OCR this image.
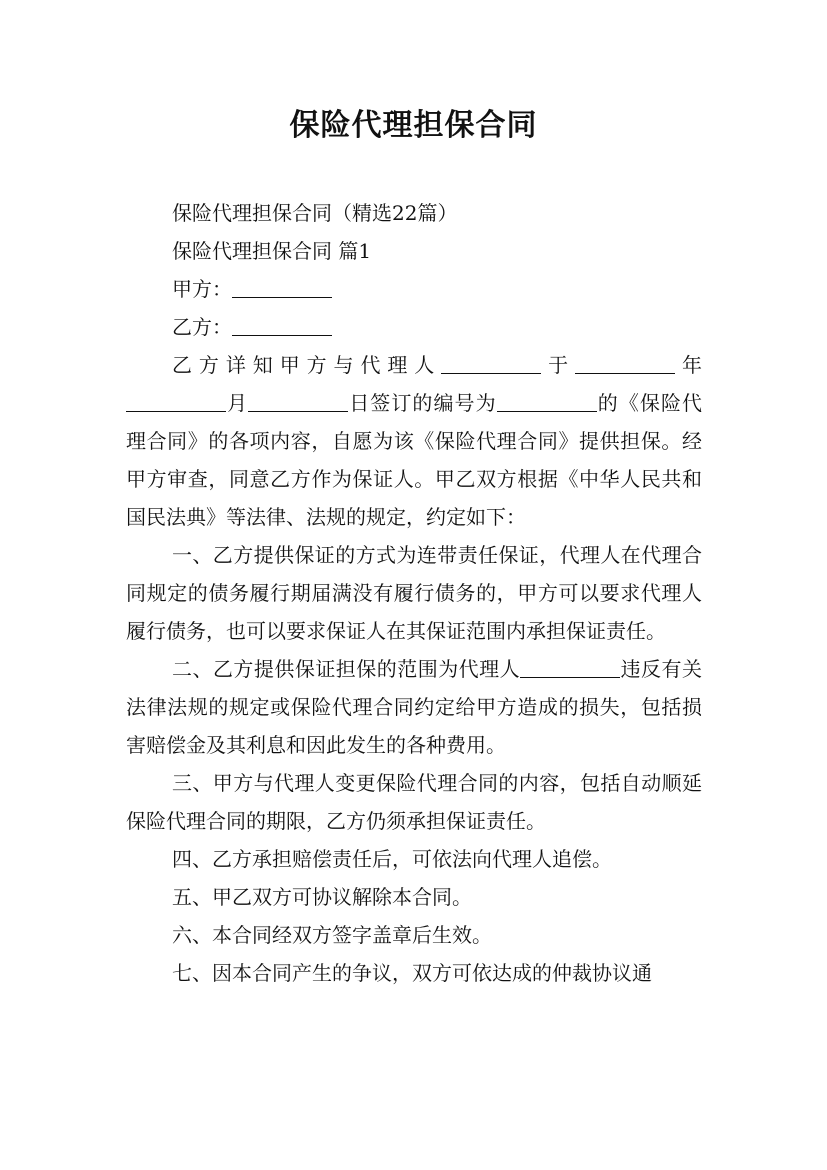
保险代理担保合同

保险代理担保合同（精选22篇）

保险代理担保合同 篇1

甲方：

乙方：

乙方详知甲方与代理人	于	年月	日签订的编号为	的《保险代理合同》的各项内容，自愿为该《保险代理合同》提供担保。经甲方审查，同意乙方作为保证人。甲乙双方根据《中华人民共和国民法典》等法律、法规的规定，约定如下：

一、乙方提供保证的方式为连带责任保证，代理人在代理合同规定的债务履行期届满没有履行债务的，甲方可以要求代理人履行债务，也可以要求保证人在其保证范围内承担保证责任。

二、乙方提供保证担保的范围为代理人	违反有关法律法规的规定或保险代理合同约定给甲方造成的损失，包括损害赔偿金及其利息和因此发生的各种费用。

三、甲方与代理人变更保险代理合同的内容，包括自动顺延保险代理合同的期限，乙方仍须承担保证责任。

四、乙方承担赔偿责任后，可依法向代理人追偿。

五、甲乙双方可协议解除本合同。

六、本合同经双方签字盖章后生效。

七、因本合同产生的争议，双方可依达成的仲裁协议通
